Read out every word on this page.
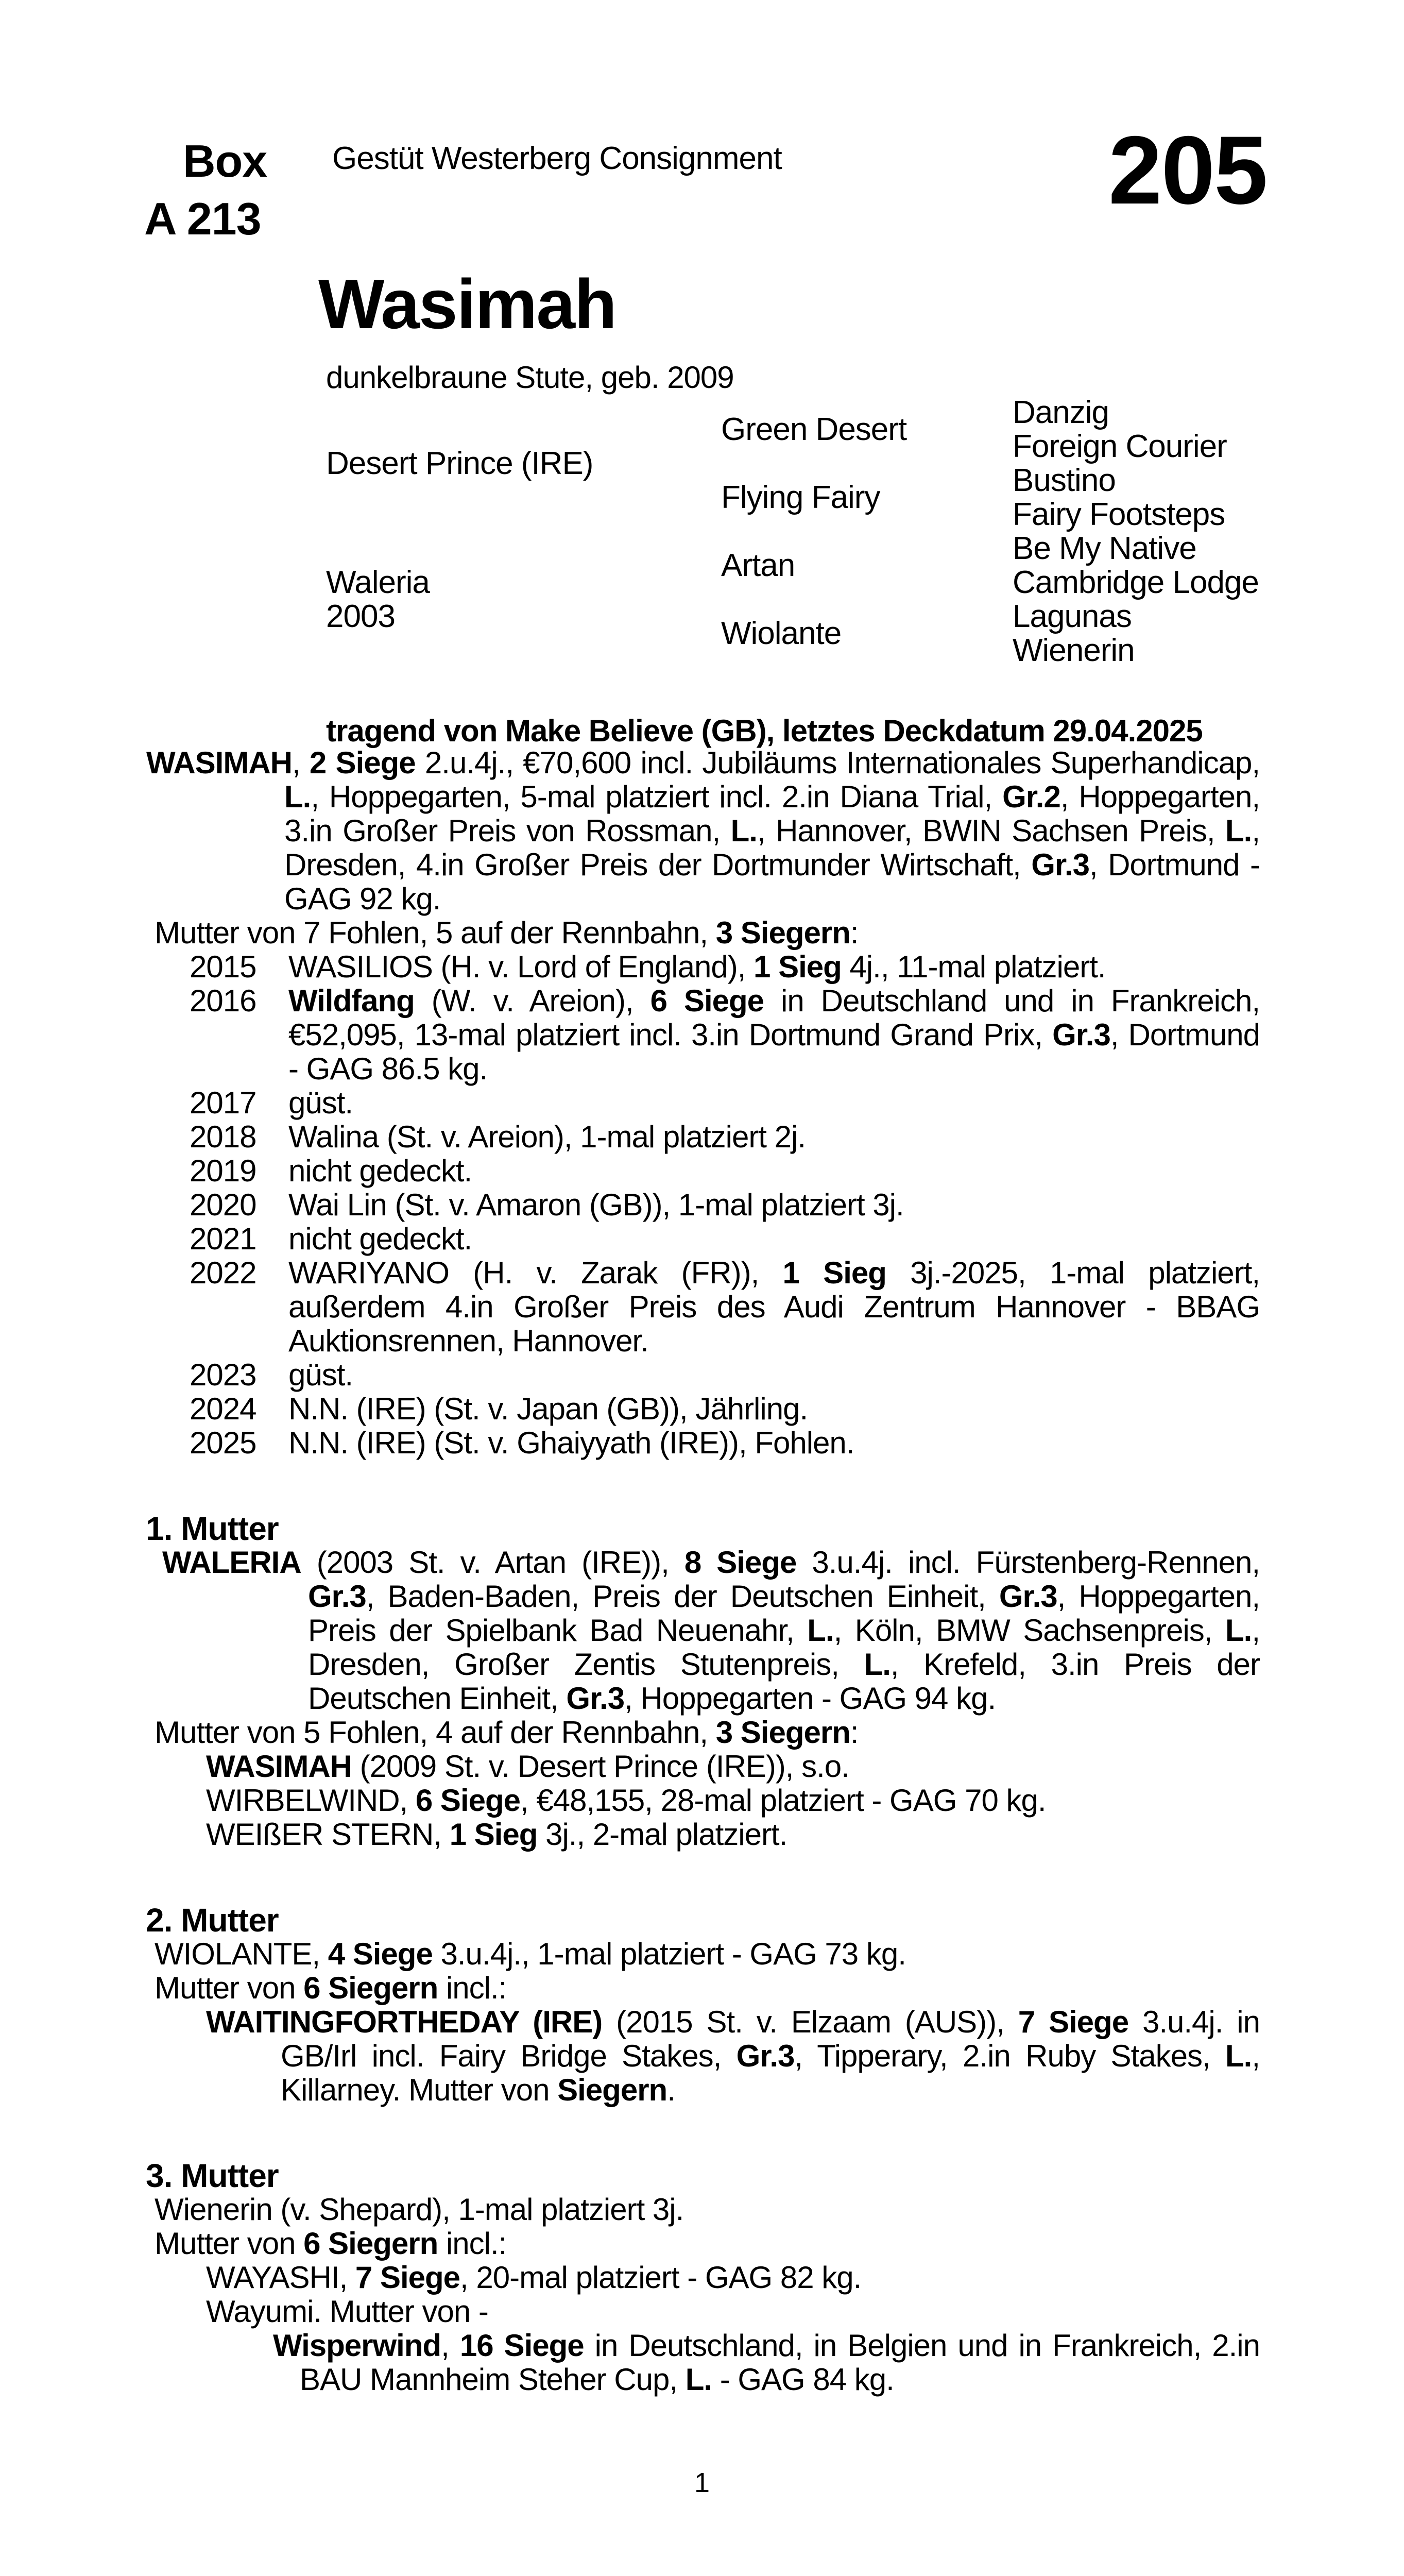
Box
A 213
Gestüt Westerberg Consignment	205
Wasimah
dunkelbraune Stute, geb. 2009
Desert Prince (IRE)
Waleria
2003
Green Desert
Flying Fairy
Artan
Wiolante
Danzig
Foreign Courier
Bustino
Fairy Footsteps
Be My Native
Cambridge Lodge
Lagunas
Wienerin
tragend von Make Believe (GB), letztes Deckdatum 29.04.2025
WASIMAH, 2 Siege 2.u.4j., €70,600 incl. Jubiläums Internationales Superhandicap, L., Hoppegarten, 5-mal platziert incl. 2.in Diana Trial, Gr.2, Hoppegarten, 3.in Großer Preis von Rossman, L., Hannover, BWIN Sachsen Preis, L., Dresden, 4.in Großer Preis der Dortmunder Wirtschaft, Gr.3, Dortmund - GAG 92 kg.
Mutter von 7 Fohlen, 5 auf der Rennbahn, 3 Siegern:
2015 WASILIOS (H. v. Lord of England), 1 Sieg 4j., 11-mal platziert.
2016 Wildfang (W. v. Areion), 6 Siege in Deutschland und in Frankreich, €52,095, 13-mal platziert incl. 3.in Dortmund Grand Prix, Gr.3, Dortmund - GAG 86.5 kg.
2017 güst.
2018 Walina (St. v. Areion), 1-mal platziert 2j.
2019 nicht gedeckt.
2020 Wai Lin (St. v. Amaron (GB)), 1-mal platziert 3j.
2021 nicht gedeckt.
2022 WARIYANO (H. v. Zarak (FR)), 1 Sieg 3j.-2025, 1-mal platziert, außerdem 4.in Großer Preis des Audi Zentrum Hannover - BBAG Auktionsrennen, Hannover.
2023 güst.
2024 N.N. (IRE) (St. v. Japan (GB)), Jährling.
2025 N.N. (IRE) (St. v. Ghaiyyath (IRE)), Fohlen.
1. Mutter
WALERIA (2003 St. v. Artan (IRE)), 8 Siege 3.u.4j. incl. Fürstenberg-Rennen, Gr.3, Baden-Baden, Preis der Deutschen Einheit, Gr.3, Hoppegarten, Preis der Spielbank Bad Neuenahr, L., Köln, BMW Sachsenpreis, L., Dresden, Großer Zentis Stutenpreis, L., Krefeld, 3.in Preis der Deutschen Einheit, Gr.3, Hoppegarten - GAG 94 kg.
Mutter von 5 Fohlen, 4 auf der Rennbahn, 3 Siegern:
WASIMAH (2009 St. v. Desert Prince (IRE)), s.o.
WIRBELWIND, 6 Siege, €48,155, 28-mal platziert - GAG 70 kg.
WEIßER STERN, 1 Sieg 3j., 2-mal platziert.
2. Mutter
WIOLANTE, 4 Siege 3.u.4j., 1-mal platziert - GAG 73 kg.
Mutter von 6 Siegern incl.:
WAITINGFORTHEDAY (IRE) (2015 St. v. Elzaam (AUS)), 7 Siege 3.u.4j. in GB/Irl incl. Fairy Bridge Stakes, Gr.3, Tipperary, 2.in Ruby Stakes, L., Killarney. Mutter von Siegern.
3. Mutter
Wienerin (v. Shepard), 1-mal platziert 3j.
Mutter von 6 Siegern incl.:
WAYASHI, 7 Siege, 20-mal platziert - GAG 82 kg.
Wayumi. Mutter von -
Wisperwind, 16 Siege in Deutschland, in Belgien und in Frankreich, 2.in BAU Mannheim Steher Cup, L. - GAG 84 kg.
1
